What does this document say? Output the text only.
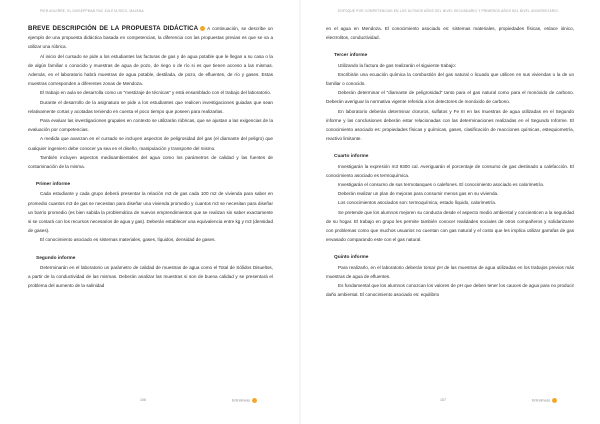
PIER AGUIRRE, EL DISSEPPMAN PAC ZULETA RICO, MALENA

BREVE DESCRIPCIÓN DE LA PROPUESTA DIDÁCTICA A continuación, se describe un ejemplo de una propuesta didáctica basada en competencias, la diferencia con las propuestas previas es que se va a utilizar una rúbrica.

Al inicio del cursado se pide a los estudiantes las facturas de gas y de agua potable que le llegan a su casa o la de algún familiar o conocido y muestras de agua de pozo, de riego o de río si es que tienen acceso a las mismas. Además, en el laboratorio habrá muestras de agua potable, destilada, de pozo, de efluentes, de río y gases. Estas muestras corresponden a diferentes zonas de Mendoza.

El trabajo en aula se desarrolla como un "mestizaje de técnicas" y está ensamblado con el trabajo del laboratorio.

Durante el desarrollo de la asignatura se pide a los estudiantes que realicen investigaciones guiadas que sean relativamente cortas y acotadas teniendo en cuenta el poco tiempo que poseen para realizarlas.

Para evaluar las investigaciones grupales en contexto se utilizarán rúbricas, que se ajustan a las exigencias de la evaluación por competencias.

A medida que avanzan en el cursado se incluyen aspectos de peligrosidad del gas (el diamante del peligro) que cualquier ingeniero debe conocer ya sea en el diseño, manipulación y transporte del mismo.

También incluyen aspectos medioambientales del agua como los parámetros de calidad y las fuentes de contaminación de la misma.

Primer informe

Cada estudiante y cada grupo deberá presentar la relación m3 de gas cada 100 m2 de vivienda para saber en promedio cuantos m3 de gas se necesitan para diseñar una vivienda promedio y cuantos m3 se necesitan para diseñar un barrio promedio (es bien sabida la problemática de nuevos emprendimientos que se realizan sin saber exactamente si se contará con los recursos necesarios de agua y gas). Deberán establecer una equivalencia entre kg y m3 (densidad de gases).

El conocimiento asociado es sistemas materiales, gases, líquidos, densidad de gases.

Segundo informe

Determinarán en el laboratorio un parámetro de calidad de muestras de agua como el Total de Sólidos Disueltos, a partir de la conductividad de las mismas. Deberán analizar las muestras si son de buena calidad y se presentará el problema del aumento de la salinidad

106	Entrelíneas
ENFOQUE POR COMPETENCIAS EN LOS ÚLTIMOS AÑOS DEL NIVEL SECUNDARIO Y PRIMEROS AÑOS DEL NIVEL UNIVERSITARIO

en el agua en Mendoza. El conocimiento asociado es: sistemas materiales, propiedades físicas, enlace iónico, electrolitos, conductividad.

Tercer informe

Utilizando la factura de gas realizarán el siguiente trabajo:

Escribirán una ecuación química la combustión del gas natural o licuado que utilicen en sus viviendas o la de un familiar o conocido.

Deberán determinar el "diamante de peligrosidad" tanto para el gas natural como para el monóxido de carbono. Deberán averiguar la normativa vigente referida a los detectores de monóxido de carbono.

En laboratorio deberán determinar cloruros, sulfatos y Fe III en las muestras de agua utilizadas en el Segundo informe y las conclusiones deberán estar relacionadas con las determinaciones realizadas en el Segundo Informe. El conocimiento asociado es: propiedades físicas y químicas, gases, clasificación de reacciones químicas, estequiometría, reactivo limitante.

Cuarto informe

Investigarán la expresión m3 9300 cal. Averiguarán el porcentaje de consumo de gas destinado a calefacción. El conocimiento asociado es termoquímica.

Investigarán el consumo de sus termotanques o calefones. El conocimiento asociado es calorimetría.

Deberán realizar un plan de mejoras para consumir menos gas en su vivienda.

Los conocimientos asociados son: termoquímica, estado líquido, calorimetría.

Se pretende que los alumnos mejoren su conducta desde el aspecto medio ambiental y concienticen a la seguridad de su hogar. El trabajo en grupo les permite también conocer realidades sociales de otros compañeros y solidarizarse con problemas como que muchos usuarios no cuentan con gas natural y el costo que les implica utilizar garrafas de gas envasado comparando este con el gas natural.

Quinto informe

Para realizarlo, en el laboratorio deberán tomar pH de las muestras de agua utilizadas en los trabajos previos más muestras de agua de efluentes.

Es fundamental que los alumnos conozcan los valores de pH que deben tener los cauces de agua para no producir daño ambiental. El conocimiento asociado es: equilibrio

107	Entrelíneas
